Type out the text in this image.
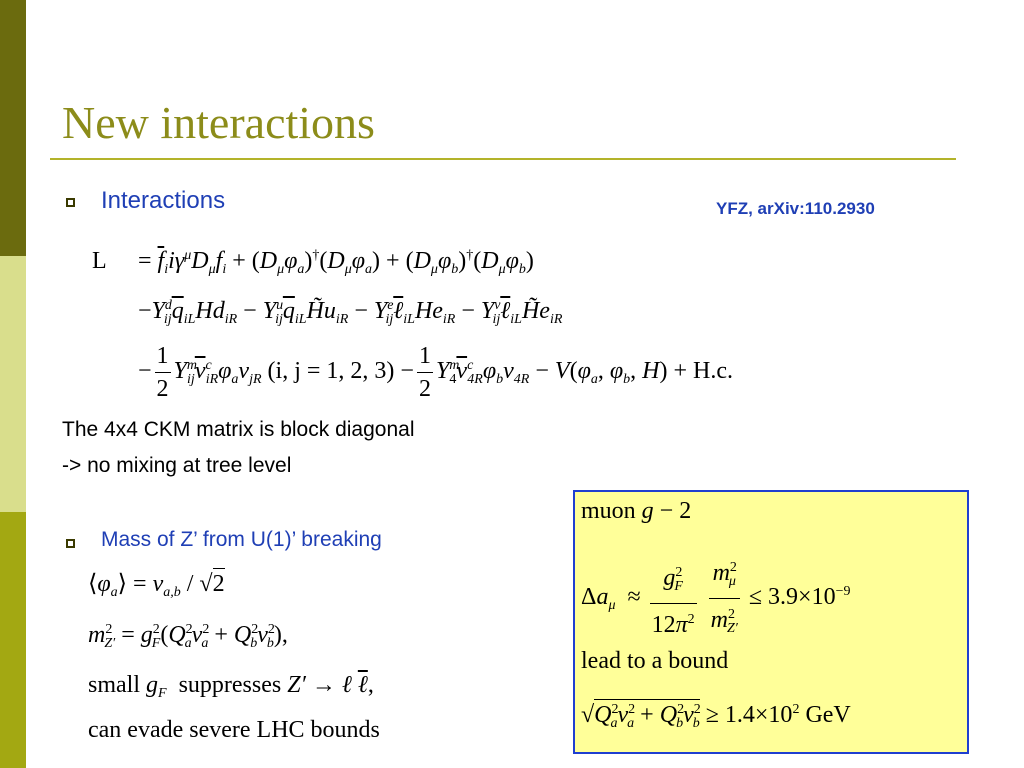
New interactions
Interactions	YFZ, arXiv:110.2930
$L = \overline{f}_ii\gamma^\mu D_\mu f_i + (D_\mu\varphi_a)^\dagger(D_\mu\varphi_a) + (D_\mu\varphi_b)^\dagger(D_\mu\varphi_b)$
$-Y^d_{ij}\overline{q}_{iL}Hd_{iR}$ − $Y^u_{ij}\overline{q}_{iL}H̃u_{iR}$ − $Y^e_{ij}\ell_{iL}He_{iR}$ − $Y^\nu_{ij}\ell_{iL}H̃e_{iR}$
− $\frac{1}{2} Y^m_{ij}\overline{\nu}^c_{iR}\varphi_a\nu_{jR}$ (i, j = 1, 2, $3) - \frac{1}{2} Y^m_4\overline{\nu}^c_{4R}\varphi_b\nu_{4R} - V(\varphi_a$, $\varphi_b$, H) + H.c.
The 4x4 CKM matrix is block diagonal
-> no mixing at tree level
Mass of Z’ from U(1)’ breaking
$⟨\varphi_a⟩ = v_{a,b} / √2$
$m^2_{Z'} = g^2_F(Q^2_av^2_a + Q^2_bv^2_b)$,
small $g_F$ suppresses Z′ → ℓ ℓ,
can evade severe LHC bounds
muon g − 2
$\Delta a_\mu \approx \frac{g^2_F}{12\pi^2}$
$\frac{m^2_\mu}{m^2_{Z'}} \le 3.9\times 10^{-9}$
lead to a bound
$√Q^2_av^2_a + Q^2_bv^2_b \ge 1.4\times 10^2$ GeV
